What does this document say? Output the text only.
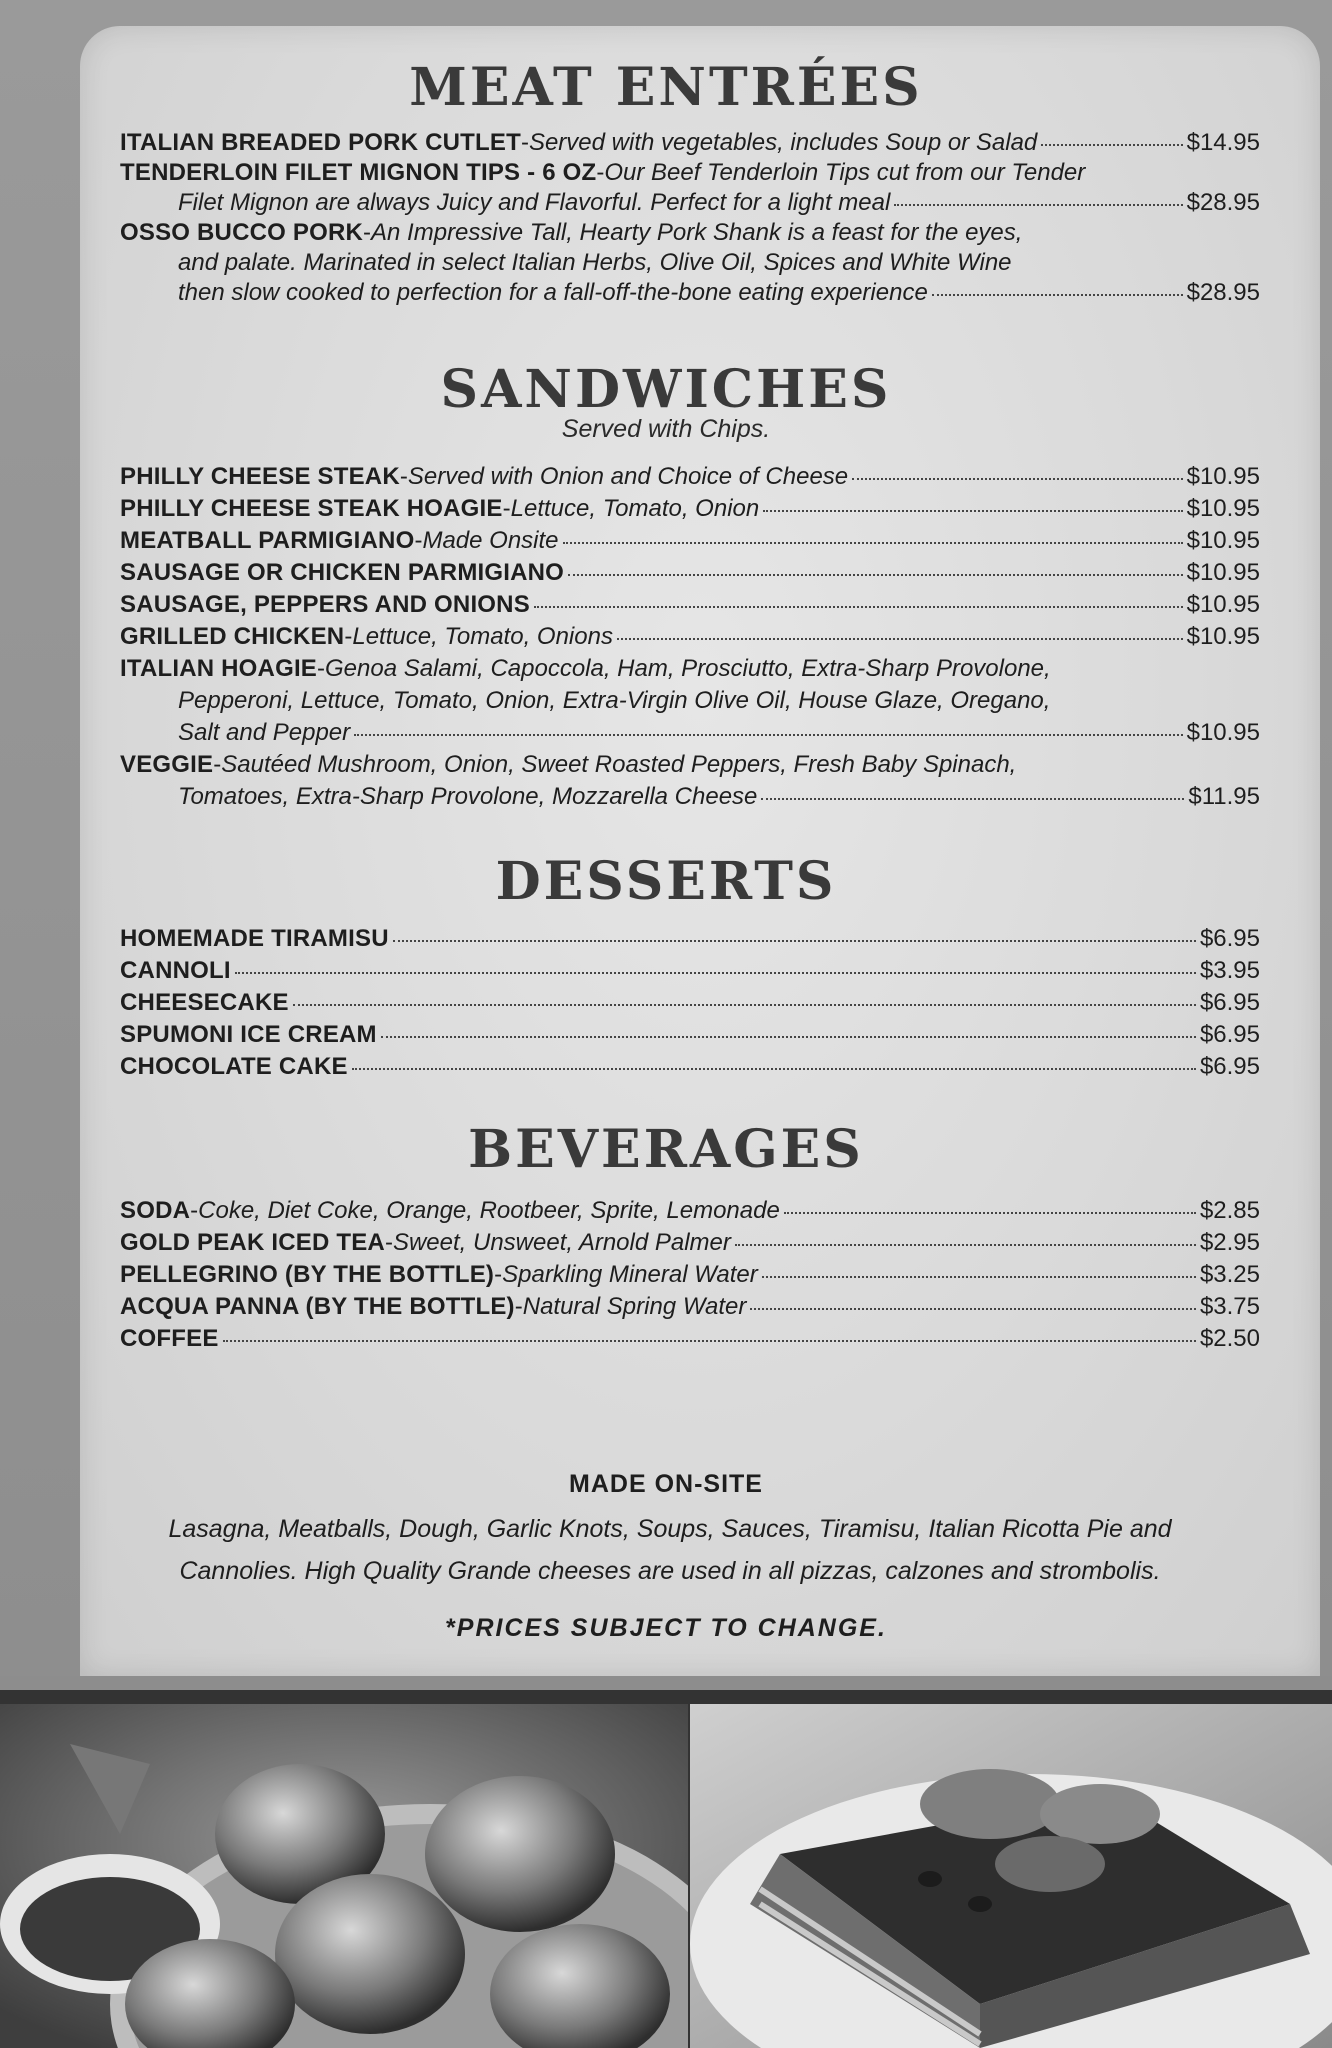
MEAT ENTRÉES
ITALIAN BREADED PORK CUTLET - Served with vegetables, includes Soup or Salad	$14.95
TENDERLOIN FILET MIGNON TIPS - 6 OZ - Our Beef Tenderloin Tips cut from our Tender
Filet Mignon are always Juicy and Flavorful. Perfect for a light meal	$28.95
OSSO BUCCO PORK - An Impressive Tall, Hearty Pork Shank is a feast for the eyes,
and palate. Marinated in select Italian Herbs, Olive Oil, Spices and White Wine
then slow cooked to perfection for a fall-off-the-bone eating experience	$28.95
SANDWICHES
Served with Chips.
PHILLY CHEESE STEAK - Served with Onion and Choice of Cheese	$10.95
PHILLY CHEESE STEAK HOAGIE - Lettuce, Tomato, Onion	$10.95
MEATBALL PARMIGIANO - Made Onsite	$10.95
SAUSAGE OR CHICKEN PARMIGIANO	$10.95
SAUSAGE, PEPPERS AND ONIONS	$10.95
GRILLED CHICKEN - Lettuce, Tomato, Onions	$10.95
ITALIAN HOAGIE - Genoa Salami, Capoccola, Ham, Prosciutto, Extra-Sharp Provolone,
Pepperoni, Lettuce, Tomato, Onion, Extra-Virgin Olive Oil, House Glaze, Oregano,
Salt and Pepper	$10.95
VEGGIE - Sautéed Mushroom, Onion, Sweet Roasted Peppers, Fresh Baby Spinach,
Tomatoes, Extra-Sharp Provolone, Mozzarella Cheese	$11.95
DESSERTS
HOMEMADE TIRAMISU	$6.95
CANNOLI	$3.95
CHEESECAKE	$6.95
SPUMONI ICE CREAM	$6.95
CHOCOLATE CAKE	$6.95
BEVERAGES
SODA - Coke, Diet Coke, Orange, Rootbeer, Sprite, Lemonade	$2.85
GOLD PEAK ICED TEA - Sweet, Unsweet, Arnold Palmer	$2.95
PELLEGRINO (BY THE BOTTLE) - Sparkling Mineral Water	$3.25
ACQUA PANNA (BY THE BOTTLE) - Natural Spring Water	$3.75
COFFEE	$2.50
MADE ON-SITE
Lasagna, Meatballs, Dough, Garlic Knots, Soups, Sauces, Tiramisu, Italian Ricotta Pie and
Cannolies. High Quality Grande cheeses are used in all pizzas, calzones and strombolis.
*PRICES SUBJECT TO CHANGE.
